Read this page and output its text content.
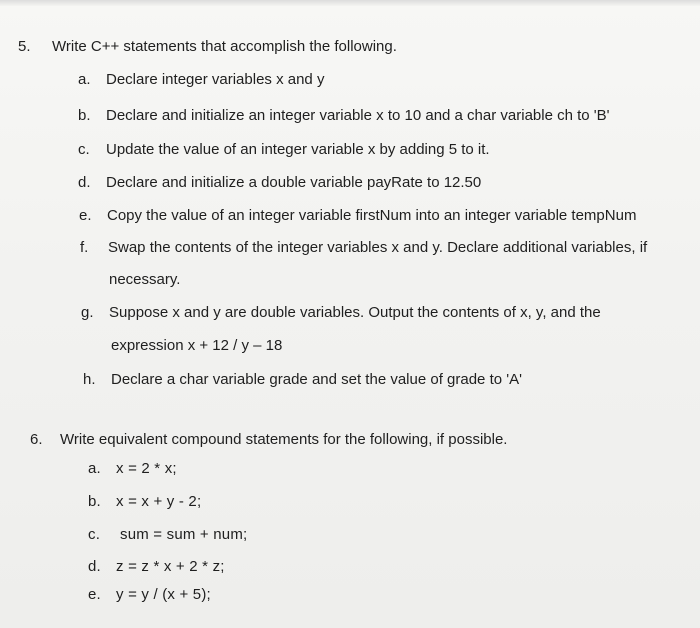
5. Write C++ statements that accomplish the following.
a. Declare integer variables x and y
b. Declare and initialize an integer variable x to 10 and a char variable ch to 'B'
c. Update the value of an integer variable x by adding 5 to it.
d. Declare and initialize a double variable payRate to 12.50
e. Copy the value of an integer variable firstNum into an integer variable tempNum
f. Swap the contents of the integer variables x and y. Declare additional variables, if
necessary.
g. Suppose x and y are double variables. Output the contents of x, y, and the
expression x + 12 / y – 18
h. Declare a char variable grade and set the value of grade to 'A'
6. Write equivalent compound statements for the following, if possible.
a. x = 2 * x;
b. x = x + y - 2;
c. sum = sum + num;
d. z = z * x + 2 * z;
e. y = y / (x + 5);
